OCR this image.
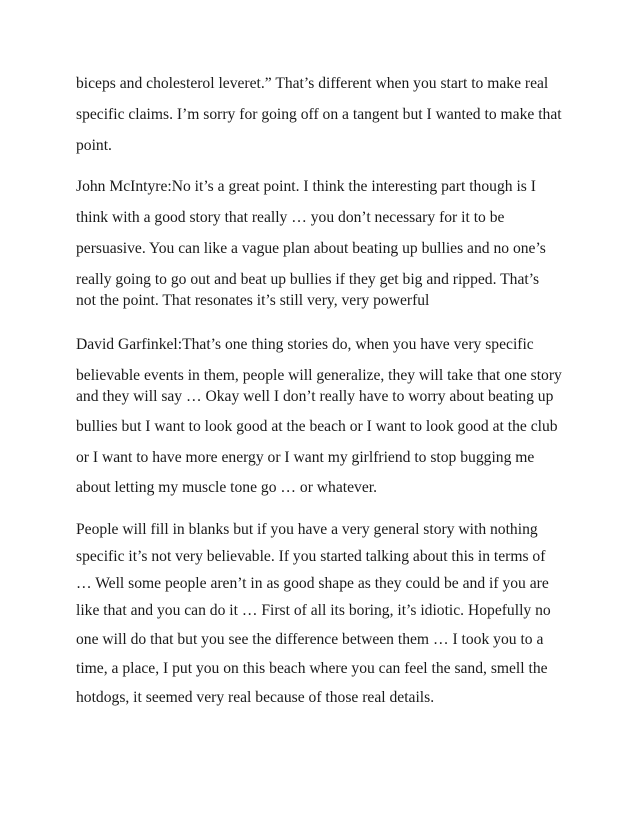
biceps and cholesterol leveret.” That’s different when you start to make real

specific claims. I’m sorry for going off on a tangent but I wanted to make that

point.

John McIntyre:No it’s a great point. I think the interesting part though is I

think with a good story that really … you don’t necessary for it to be

persuasive. You can like a vague plan about beating up bullies and no one’s

really going to go out and beat up bullies if they get big and ripped. That’s

not the point. That resonates it’s still very, very powerful

David Garfinkel:That’s one thing stories do, when you have very specific

believable events in them, people will generalize, they will take that one story

and they will say … Okay well I don’t really have to worry about beating up

bullies but I want to look good at the beach or I want to look good at the club

or I want to have more energy or I want my girlfriend to stop bugging me

about letting my muscle tone go … or whatever.

People will fill in blanks but if you have a very general story with nothing

specific it’s not very believable. If you started talking about this in terms of

… Well some people aren’t in as good shape as they could be and if you are

like that and you can do it … First of all its boring, it’s idiotic. Hopefully no

one will do that but you see the difference between them … I took you to a

time, a place, I put you on this beach where you can feel the sand, smell the

hotdogs, it seemed very real because of those real details.
